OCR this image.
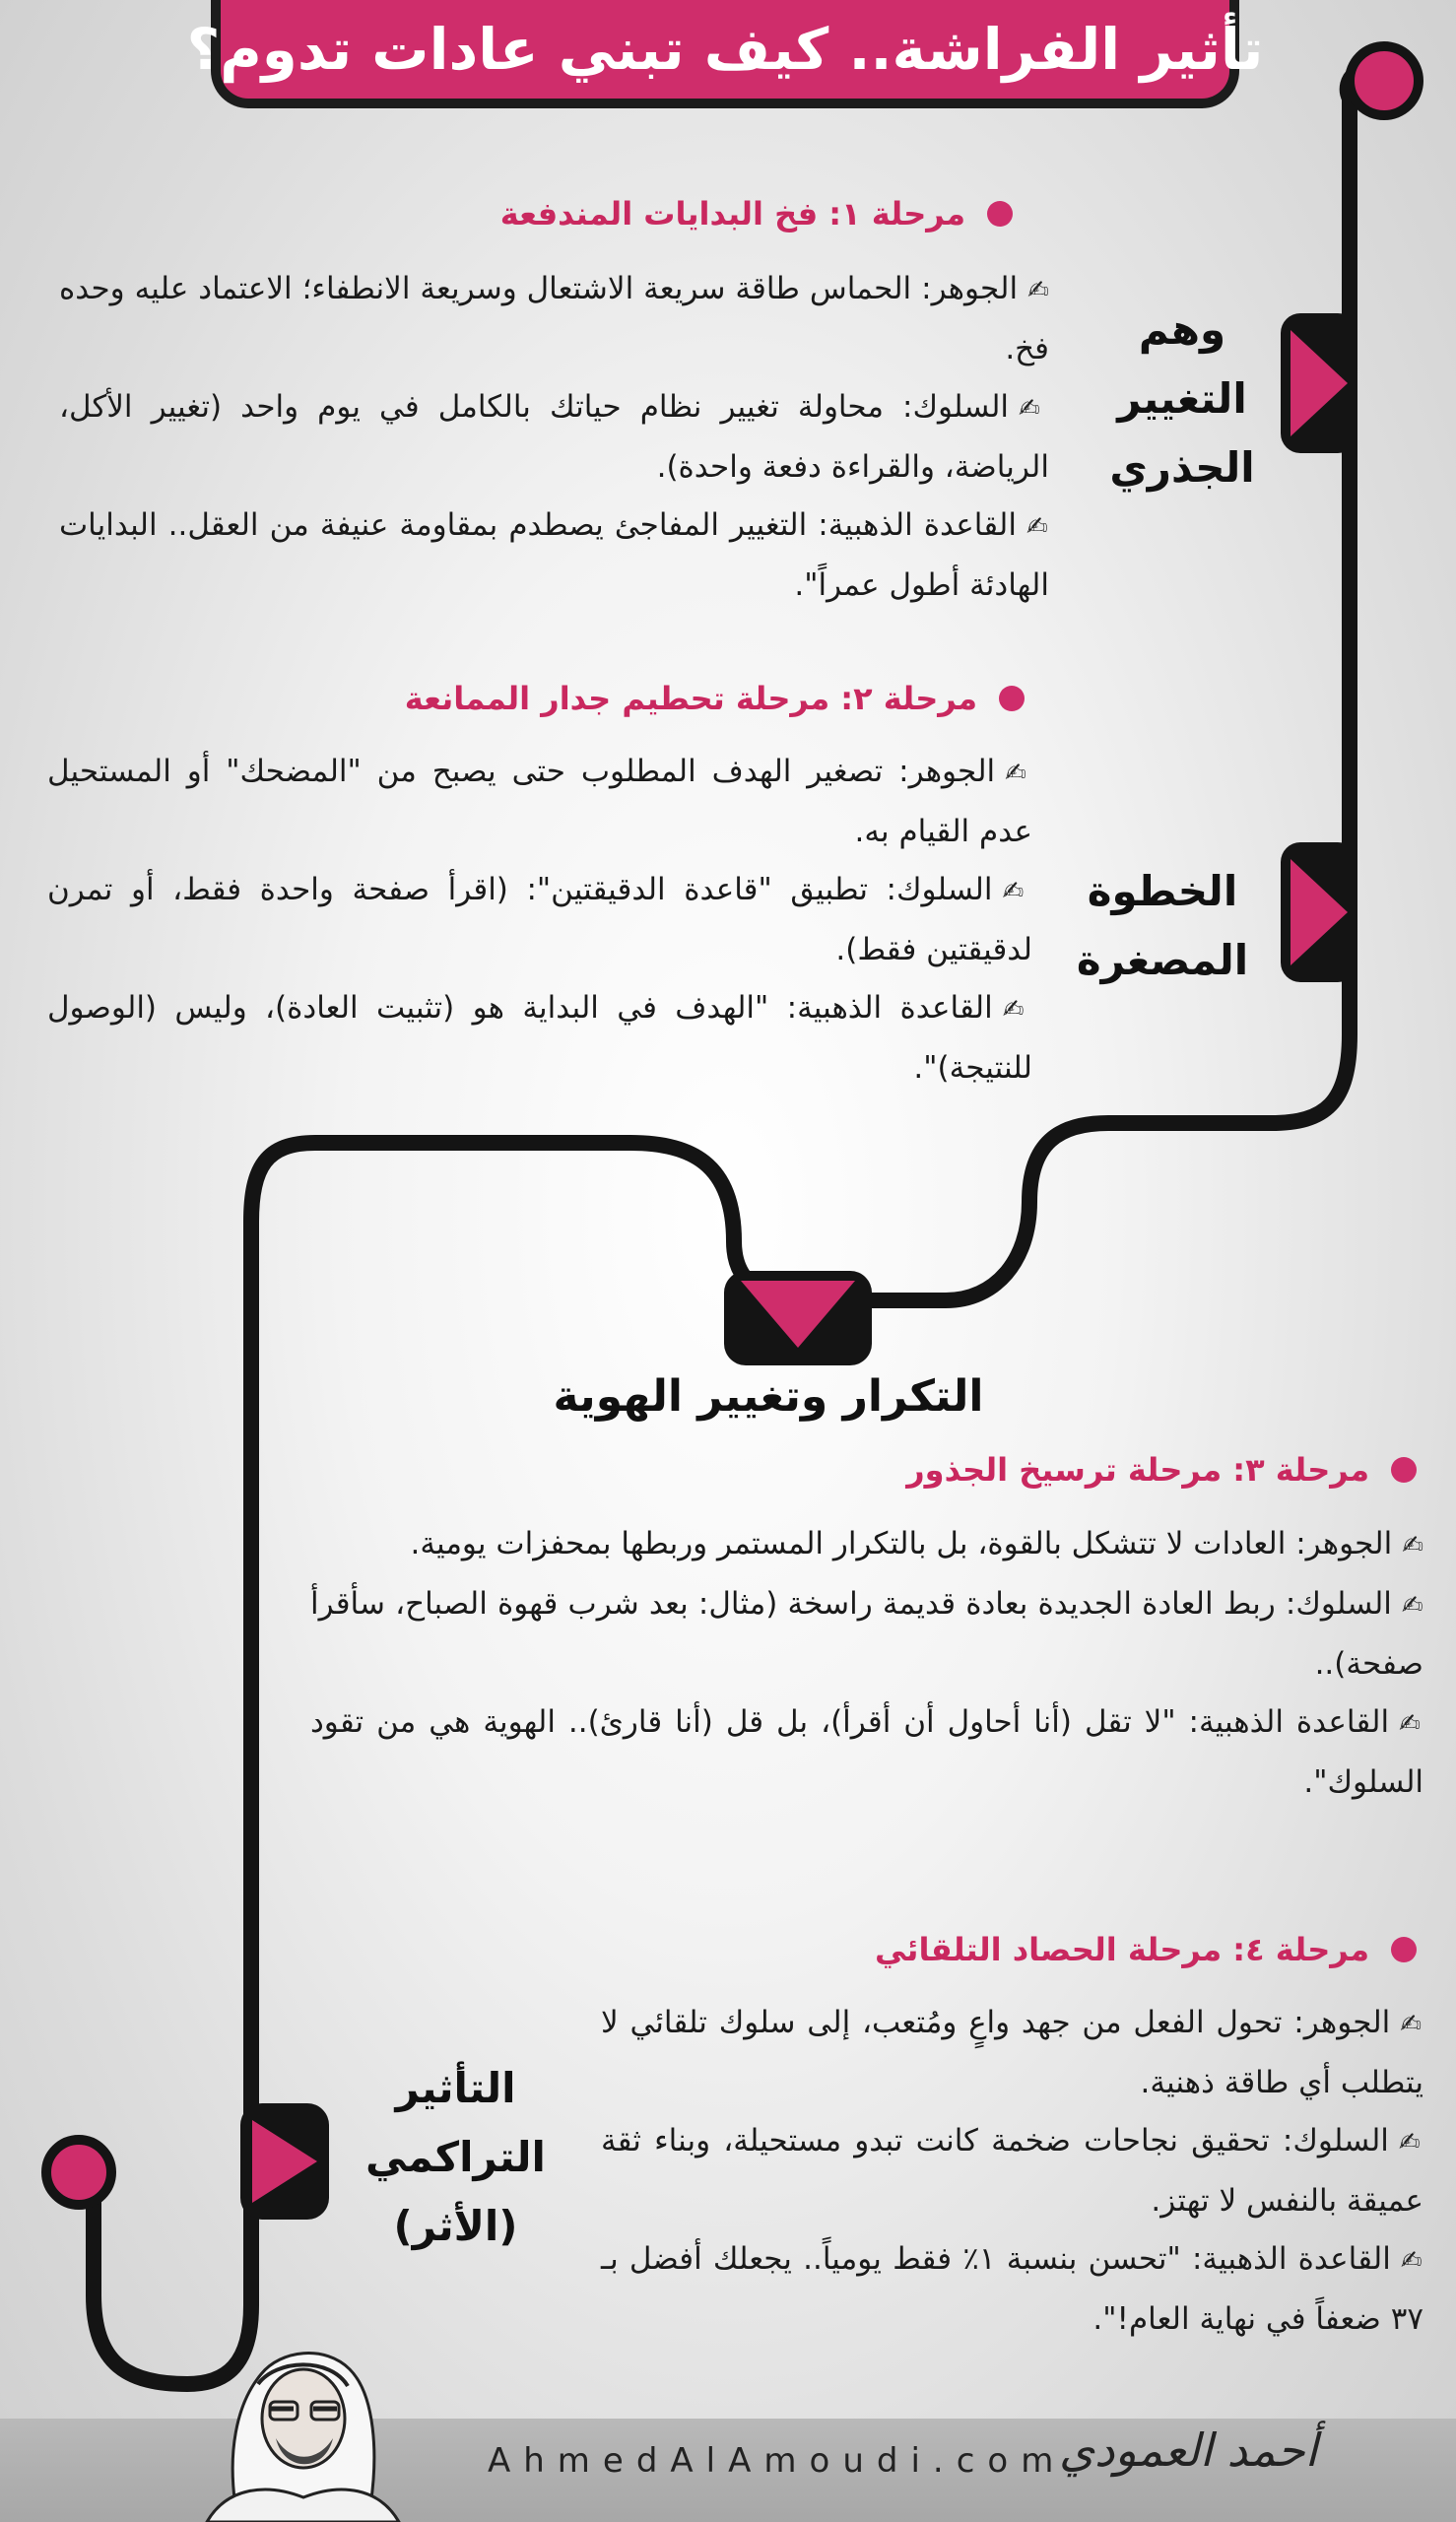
تأثير الفراشة.. كيف تبني عادات تدوم؟
وهم
التغيير
الجذري
الخطوة
المصغرة
التكرار وتغيير الهوية
التأثير
التراكمي
(الأثر)
مرحلة ١: فخ البدايات المندفعة

✍الجوهر: الحماس طاقة سريعة الاشتعال وسريعة الانطفاء؛ الاعتماد عليه وحده فخ.

✍السلوك: محاولة تغيير نظام حياتك بالكامل في يوم واحد (تغيير الأكل، الرياضة، والقراءة دفعة واحدة).

✍القاعدة الذهبية: التغيير المفاجئ يصطدم بمقاومة عنيفة من العقل.. البدايات الهادئة أطول عمراً".

مرحلة ٢: مرحلة تحطيم جدار الممانعة

✍الجوهر: تصغير الهدف المطلوب حتى يصبح من "المضحك" أو المستحيل عدم القيام به.

✍السلوك: تطبيق "قاعدة الدقيقتين": (اقرأ صفحة واحدة فقط، أو تمرن لدقيقتين فقط).

✍القاعدة الذهبية: "الهدف في البداية هو (تثبيت العادة)، وليس (الوصول للنتيجة)".

مرحلة ٣: مرحلة ترسيخ الجذور

✍الجوهر: العادات لا تتشكل بالقوة، بل بالتكرار المستمر وربطها بمحفزات يومية.

✍السلوك: ربط العادة الجديدة بعادة قديمة راسخة (مثال: بعد شرب قهوة الصباح، سأقرأ صفحة)..

✍القاعدة الذهبية: "لا تقل (أنا أحاول أن أقرأ)، بل قل (أنا قارئ).. الهوية هي من تقود السلوك".

مرحلة ٤: مرحلة الحصاد التلقائي

✍الجوهر: تحول الفعل من جهد واعٍ ومُتعب، إلى سلوك تلقائي لا يتطلب أي طاقة ذهنية.

✍السلوك: تحقيق نجاحات ضخمة كانت تبدو مستحيلة، وبناء ثقة عميقة بالنفس لا تهتز.

✍القاعدة الذهبية: "تحسن بنسبة ١٪ فقط يومياً.. يجعلك أفضل بـ ٣٧ ضعفاً في نهاية العام!".

AhmedAlAmoudi.com
أحمد العمودي
